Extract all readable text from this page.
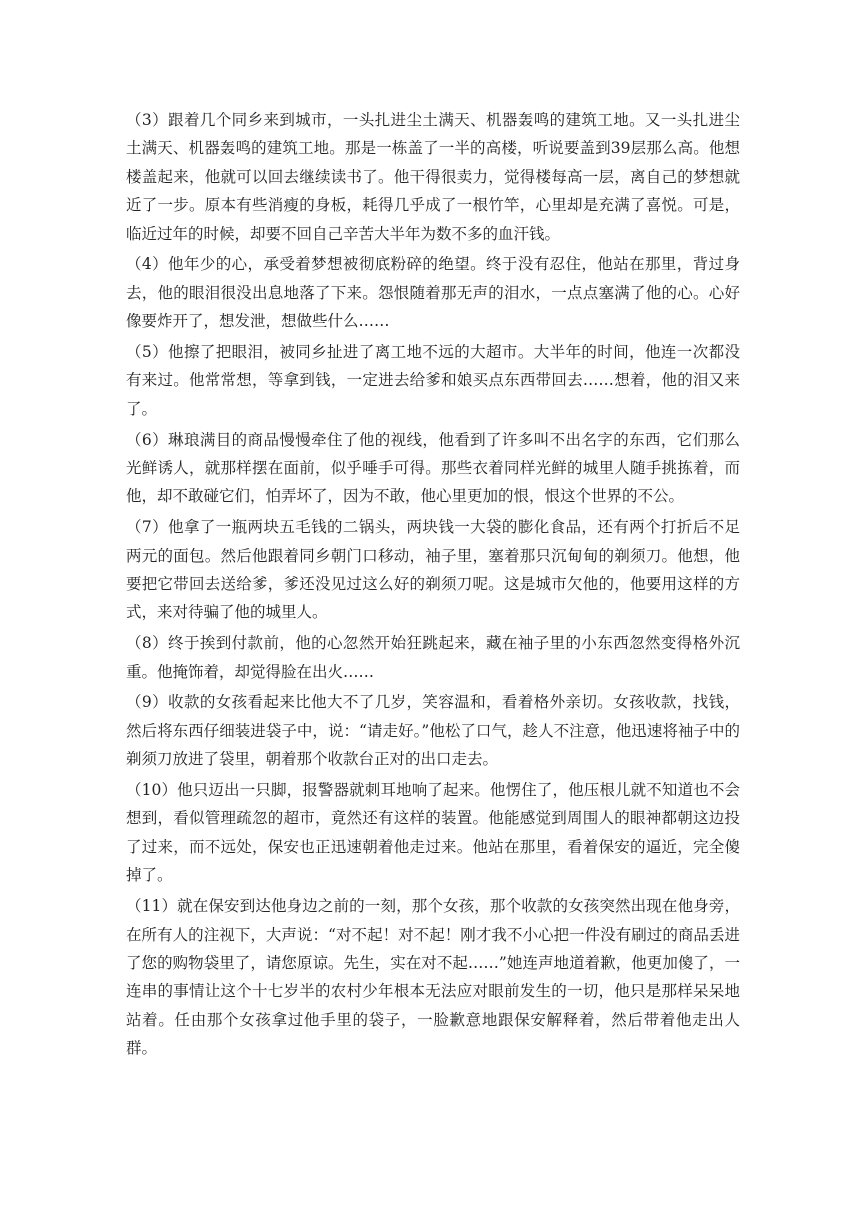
（3）跟着几个同乡来到城市，一头扎进尘土满天、机器轰鸣的建筑工地。又一头扎进尘土满天、机器轰鸣的建筑工地。那是一栋盖了一半的高楼，听说要盖到39层那么高。他想楼盖起来，他就可以回去继续读书了。他干得很卖力，觉得楼每高一层，离自己的梦想就近了一步。原本有些消瘦的身板，耗得几乎成了一根竹竿，心里却是充满了喜悦。可是，临近过年的时候，却要不回自己辛苦大半年为数不多的血汗钱。

（4）他年少的心，承受着梦想被彻底粉碎的绝望。终于没有忍住，他站在那里，背过身去，他的眼泪很没出息地落了下来。怨恨随着那无声的泪水，一点点塞满了他的心。心好像要炸开了，想发泄，想做些什么……

（5）他擦了把眼泪，被同乡扯进了离工地不远的大超市。大半年的时间，他连一次都没有来过。他常常想，等拿到钱，一定进去给爹和娘买点东西带回去……想着，他的泪又来了。

（6）琳琅满目的商品慢慢牵住了他的视线，他看到了许多叫不出名字的东西，它们那么光鲜诱人，就那样摆在面前，似乎唾手可得。那些衣着同样光鲜的城里人随手挑拣着，而他，却不敢碰它们，怕弄坏了，因为不敢，他心里更加的恨，恨这个世界的不公。

（7）他拿了一瓶两块五毛钱的二锅头，两块钱一大袋的膨化食品，还有两个打折后不足两元的面包。然后他跟着同乡朝门口移动，袖子里，塞着那只沉甸甸的剃须刀。他想，他要把它带回去送给爹，爹还没见过这么好的剃须刀呢。这是城市欠他的，他要用这样的方式，来对待骗了他的城里人。

（8）终于挨到付款前，他的心忽然开始狂跳起来，藏在袖子里的小东西忽然变得格外沉重。他掩饰着，却觉得脸在出火……

（9）收款的女孩看起来比他大不了几岁，笑容温和，看着格外亲切。女孩收款，找钱，然后将东西仔细装进袋子中，说：“请走好。”他松了口气，趁人不注意，他迅速将袖子中的剃须刀放进了袋里，朝着那个收款台正对的出口走去。

（10）他只迈出一只脚，报警器就刺耳地响了起来。他愣住了，他压根儿就不知道也不会想到，看似管理疏忽的超市，竟然还有这样的装置。他能感觉到周围人的眼神都朝这边投了过来，而不远处，保安也正迅速朝着他走过来。他站在那里，看着保安的逼近，完全傻掉了。

（11）就在保安到达他身边之前的一刻，那个女孩，那个收款的女孩突然出现在他身旁，在所有人的注视下，大声说：“对不起！对不起！刚才我不小心把一件没有刷过的商品丢进了您的购物袋里了，请您原谅。先生，实在对不起……”她连声地道着歉，他更加傻了，一连串的事情让这个十七岁半的农村少年根本无法应对眼前发生的一切，他只是那样呆呆地站着。任由那个女孩拿过他手里的袋子，一脸歉意地跟保安解释着，然后带着他走出人群。
